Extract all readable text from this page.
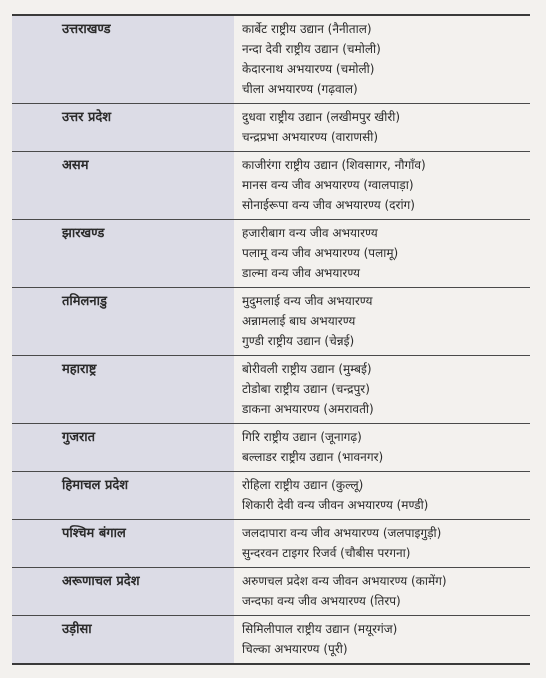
उत्तराखण्ड	कार्बेट राष्ट्रीय उद्यान (नैनीताल)
नन्दा देवी राष्ट्रीय उद्यान (चमोली)
केदारनाथ अभयारण्य (चमोली)
चीला अभयारण्य (गढ़वाल)
उत्तर प्रदेश	दुधवा राष्ट्रीय उद्यान (लखीमपुर खीरी)
चन्द्रप्रभा अभयारण्य (वाराणसी)
असम	काजीरंगा राष्ट्रीय उद्यान (शिवसागर, नौगाँव)
मानस वन्य जीव अभयारण्य (ग्वालपाड़ा)
सोनाईरूपा वन्य जीव अभयारण्य (दरांग)
झारखण्ड	हजारीबाग वन्य जीव अभयारण्य
पलामू वन्य जीव अभयारण्य (पलामू)
डाल्मा वन्य जीव अभयारण्य
तमिलनाडु	मुदुमलाई वन्य जीव अभयारण्य
अन्नामलाई बाघ अभयारण्य
गुण्डी राष्ट्रीय उद्यान (चेन्नई)
महाराष्ट्र	बोरीवली राष्ट्रीय उद्यान (मुम्बई)
टोडोबा राष्ट्रीय उद्यान (चन्द्रपुर)
डाकना अभयारण्य (अमरावती)
गुजरात	गिरि राष्ट्रीय उद्यान (जूनागढ़)
बल्लाडर राष्ट्रीय उद्यान (भावनगर)
हिमाचल प्रदेश	रोहिला राष्ट्रीय उद्यान (कुल्लू)
शिकारी देवी वन्य जीवन अभयारण्य (मण्डी)
पश्चिम बंगाल	जलदापारा वन्य जीव अभयारण्य (जलपाइगुड़ी)
सुन्दरवन टाइगर रिजर्व (चौबीस परगना)
अरूणाचल प्रदेश	अरुणचल प्रदेश वन्य जीवन अभयारण्य (कामेंग)
जन्दफा वन्य जीव अभयारण्य (तिरप)
उड़ीसा	सिमिलीपाल राष्ट्रीय उद्यान (मयूरगंज)
चिल्का अभयारण्य (पूरी)
